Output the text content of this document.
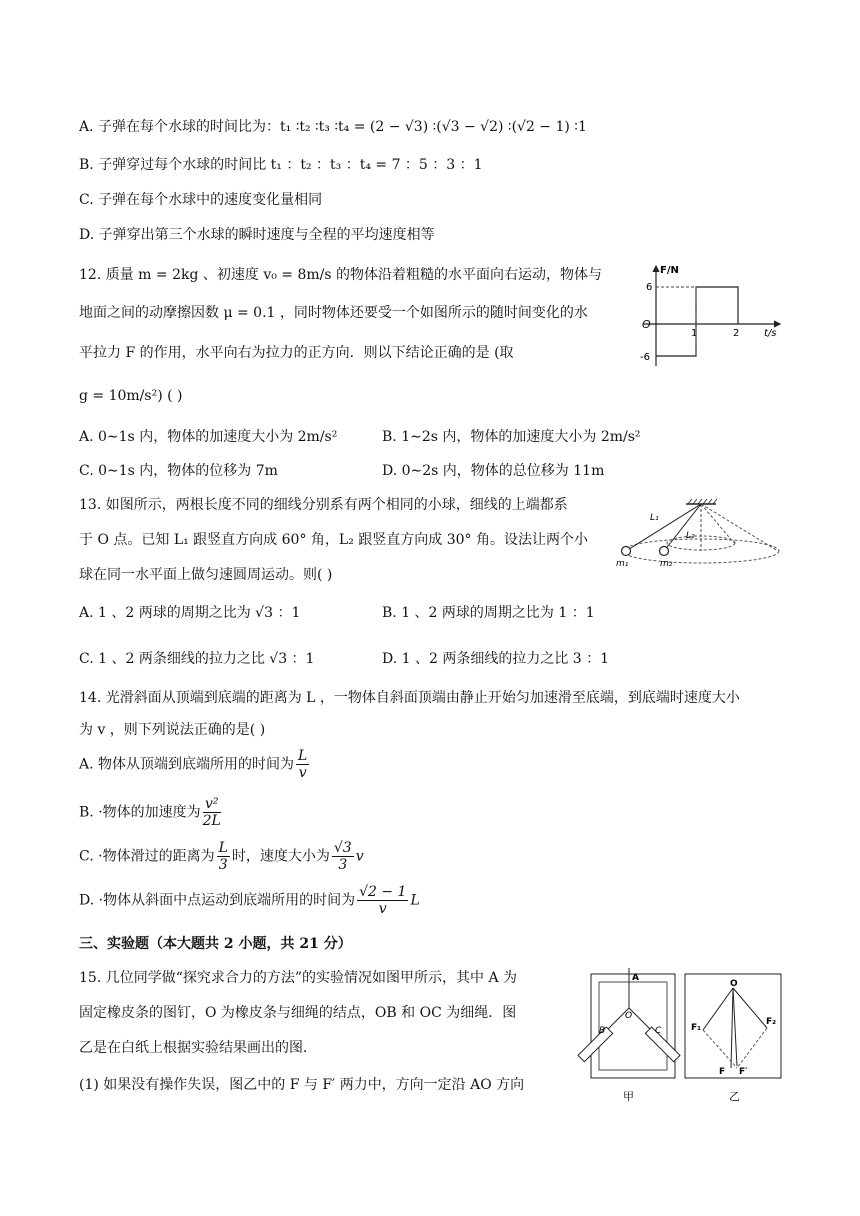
A. 子弹在每个水球的时间比为：t₁ ∶t₂ ∶t₃ ∶t₄ = (2 − √3) ∶(√3 − √2) ∶(√2 − 1) ∶1
B. 子弹穿过每个水球的时间比 t₁ ：t₂ ：t₃ ：t₄ = 7 ：5 ：3 ：1
C. 子弹在每个水球中的速度变化量相同
D. 子弹穿出第三个水球的瞬时速度与全程的平均速度相等
12. 质量 m = 2kg 、初速度 v₀ = 8m/s 的物体沿着粗糙的水平面向右运动，物体与
地面之间的动摩擦因数 μ = 0.1 ，同时物体还要受一个如图所示的随时间变化的水
平拉力 F 的作用，水平向右为拉力的正方向．则以下结论正确的是 (取
g = 10m/s²) ( )
A. 0∼1s 内，物体的加速度大小为 2m/s²	B. 1∼2s 内，物体的加速度大小为 2m/s²
C. 0∼1s 内，物体的位移为 7m	D. 0∼2s 内，物体的总位移为 11m
F/N
t/s
O
6
-6
1	2
13. 如图所示，两根长度不同的细线分别系有两个相同的小球，细线的上端都系
于 O 点。已知 L₁ 跟竖直方向成 60° 角，L₂ 跟竖直方向成 30° 角。设法让两个小
球在同一水平面上做匀速圆周运动。则( )
A. 1 、2 两球的周期之比为 √3 ：1	B. 1 、2 两球的周期之比为 1 ：1
C. 1 、2 两条细线的拉力之比 √3 ：1	D. 1 、2 两条细线的拉力之比 3 ：1
L₁
L₂
m₁	m₂
14. 光滑斜面从顶端到底端的距离为 L ，一物体自斜面顶端由静止开始匀加速滑至底端，到底端时速度大小
为 v ，则下列说法正确的是( )
A. 物体从顶端到底端所用的时间为 $\frac{L}{v}$
B. ·物体的加速度为 $\frac{\text{v²}}{2L}$
C. ·物体滑过的距离为 $\frac{L}{3}$ 时，速度大小为 $\frac{√3}{3}$ v
D. ·物体从斜面中点运动到底端所用的时间为 $\frac{√2 - 1}{v}$ L
三、实验题（本大题共 2 小题，共 21 分）
15. 几位同学做“探究求合力的方法”的实验情况如图甲所示，其中 A 为
固定橡皮条的图钉，O 为橡皮条与细绳的结点，OB 和 OC 为细绳．图
乙是在白纸上根据实验结果画出的图．
(1) 如果没有操作失误，图乙中的 F 与 F′ 两力中，方向一定沿 AO 方向
A
O
B	C
甲
O
F₁
F₂
F F′
乙
